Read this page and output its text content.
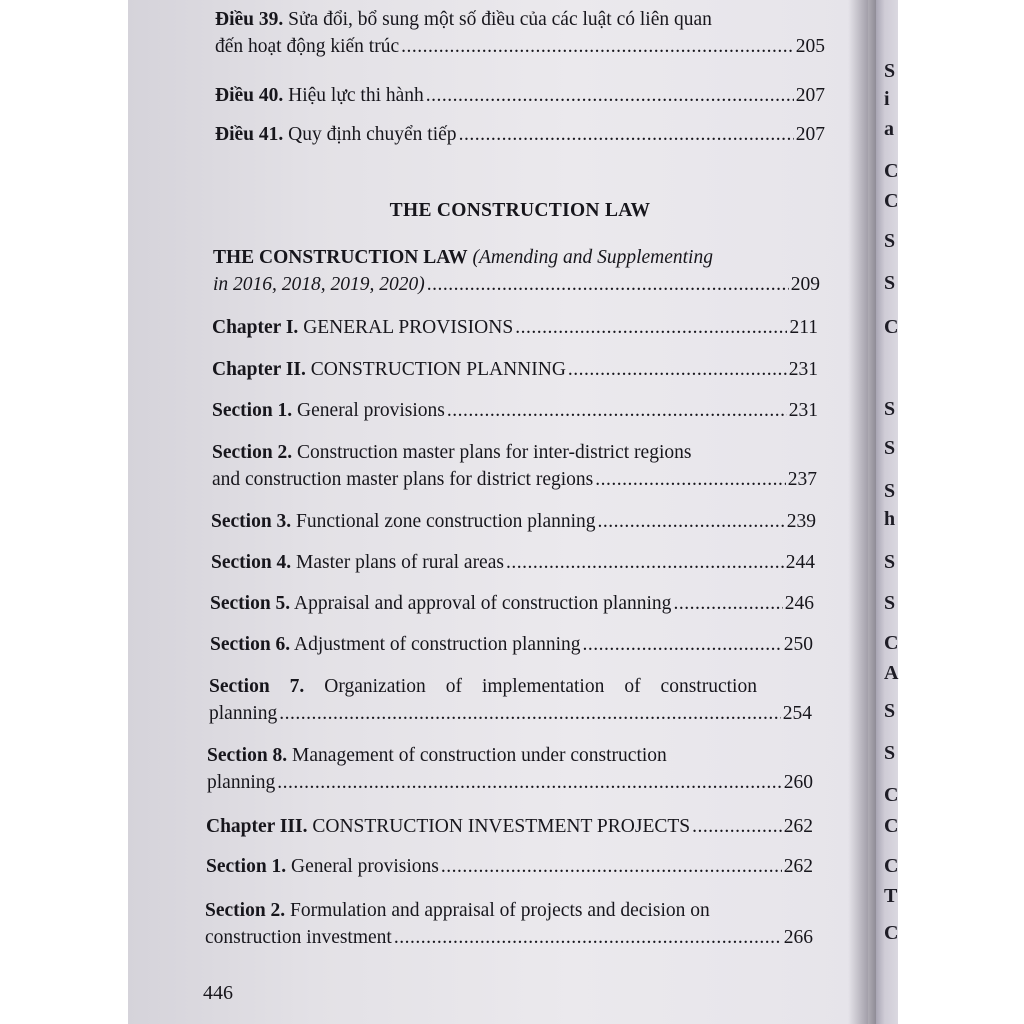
S
i
a
C
C
S
S
C
S
S
S
h
S
S
C
A
S
S
C
C
C
T
C
Điều 39. Sửa đổi, bổ sung một số điều của các luật có liên quan
đến hoạt động kiến trúc .....	205
Điều 40. Hiệu lực thi hành .....	207
Điều 41. Quy định chuyển tiếp .....	207
THE CONSTRUCTION LAW
THE CONSTRUCTION LAW (Amending and Supplementing
in 2016, 2018, 2019, 2020) .....	209
Chapter I. GENERAL PROVISIONS .....	211
Chapter II. CONSTRUCTION PLANNING .....	231
Section 1. General provisions .....	231
Section 2. Construction master plans for inter-district regions
and construction master plans for district regions .....	237
Section 3. Functional zone construction planning .....	239
Section 4. Master plans of rural areas .....	244
Section 5. Appraisal and approval of construction planning .....	246
Section 6. Adjustment of construction planning .....	250
Section 7. Organization of implementation of construction
planning .....	254
Section 8. Management of construction under construction
planning .....	260
Chapter III. CONSTRUCTION INVESTMENT PROJECTS .....	262
Section 1. General provisions .....	262
Section 2. Formulation and appraisal of projects and decision on
construction investment .....	266
446
